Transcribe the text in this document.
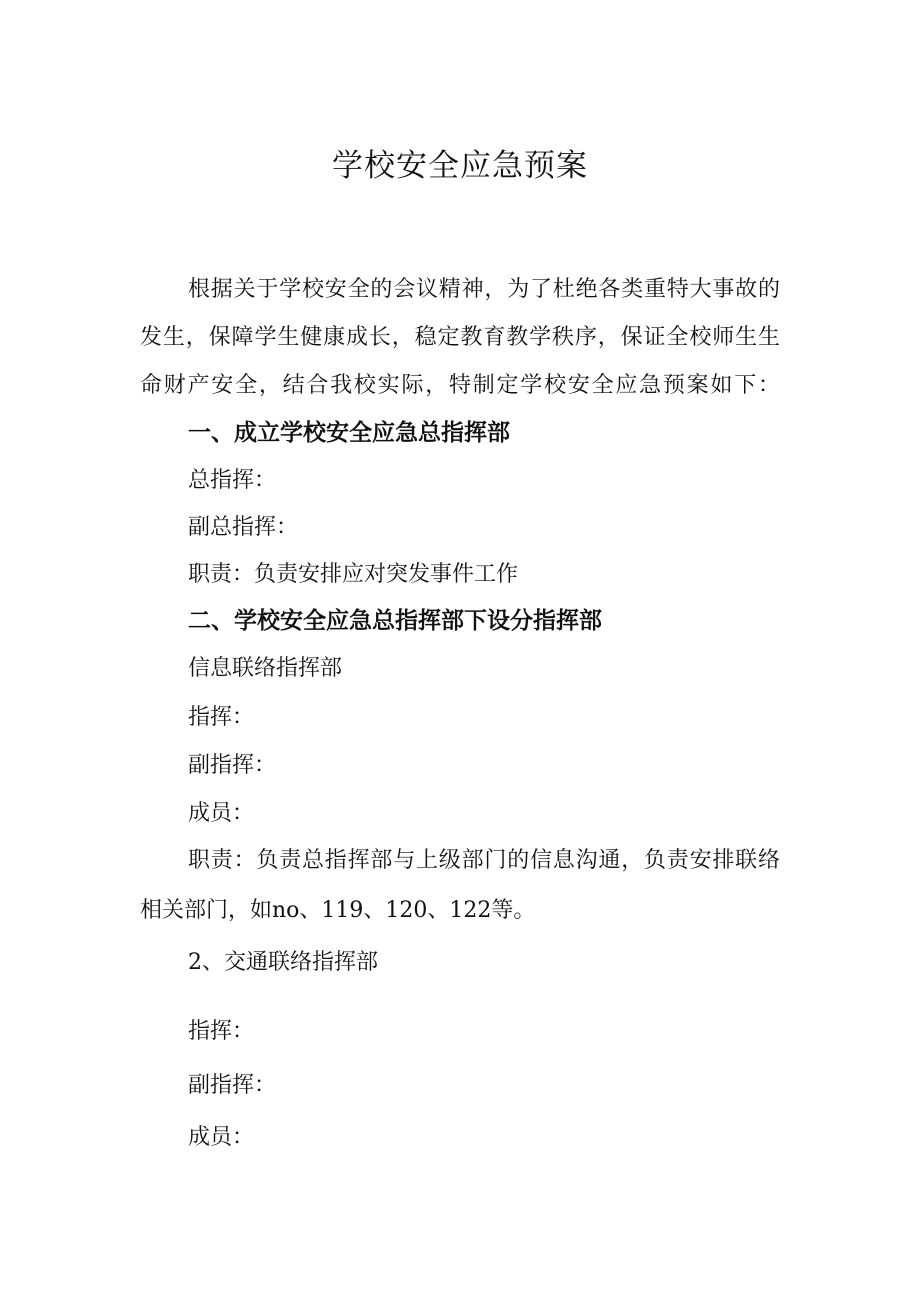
学校安全应急预案

根据关于学校安全的会议精神，为了杜绝各类重特大事故的

发生，保障学生健康成长，稳定教育教学秩序，保证全校师生生

命财产安全，结合我校实际，特制定学校安全应急预案如下：

一、成立学校安全应急总指挥部

总指挥：

副总指挥：

职责：负责安排应对突发事件工作

二、学校安全应急总指挥部下设分指挥部

信息联络指挥部

指挥：

副指挥：

成员：

职责：负责总指挥部与上级部门的信息沟通，负责安排联络

相关部门，如no、119、120、122等。

2、交通联络指挥部

指挥：

副指挥：

成员：
